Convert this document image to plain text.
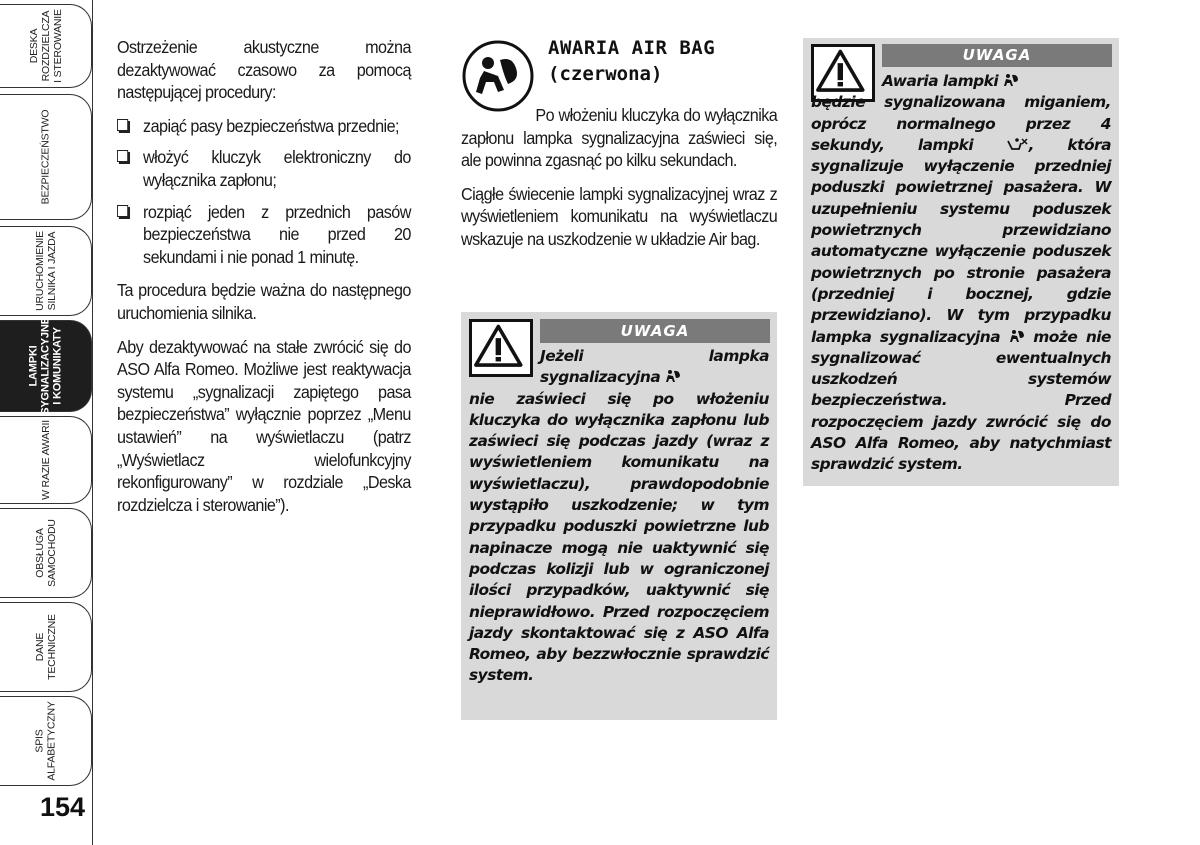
DESKA
ROZDZIELCZA
I STEROWANIE
BEZPIECZEŃSTWO
URUCHOMIENIE
SILNIKA I JAZDA
LAMPKI
SYGNALIZACYJNE
I KOMUNIKATY
W RAZIE AWARII
OBSŁUGA
SAMOCHODU
DANE
TECHNICZNE
SPIS
ALFABETYCZNY
154

Ostrzeżenie akustyczne można dezaktywować czasowo za pomocą następującej procedury:

zapiąć pasy bezpieczeństwa przednie;
włożyć kluczyk elektroniczny do wyłącznika zapłonu;
rozpiąć jeden z przednich pasów bezpieczeństwa nie przed 20 sekundami i nie ponad 1 minutę.

Ta procedura będzie ważna do następnego uruchomienia silnika.

Aby dezaktywować na stałe zwrócić się do ASO Alfa Romeo. Możliwe jest reaktywacja systemu „sygnalizacji zapiętego pasa bezpieczeństwa” wyłącznie poprzez „Menu ustawień” na wyświetlaczu (patrz „Wyświetlacz wielofunkcyjny rekonfigurowany” w rozdziale „Deska rozdzielcza i sterowanie”).

AWARIA AIR BAG
(czerwona)

Po włożeniu kluczyka do wyłącznika zapłonu lampka sygnalizacyjna zaświeci się, ale powinna zgasnąć po kilku sekundach.

Ciągłe świecenie lampki sygnalizacyjnej wraz z wyświetleniem komunikatu na wyświetlaczu wskazuje na uszkodzenie w układzie Air bag.

UWAGA
Jeżeli lampka sygnalizacyjna
nie zaświeci się po włożeniu kluczyka do wyłącznika zapłonu lub zaświeci się podczas jazdy (wraz z wyświetleniem komunikatu na wyświetlaczu), prawdopodobnie wystąpiło uszkodzenie; w tym przypadku poduszki powietrzne lub napinacze mogą nie uaktywnić się podczas kolizji lub w ograniczonej ilości przypadków, uaktywnić się nieprawidłowo. Przed rozpoczęciem jazdy skontaktować się z ASO Alfa Romeo, aby bezzwłocznie sprawdzić system.
UWAGA
Awaria lampki
będzie sygnalizowana miganiem, oprócz normalnego przez 4 sekundy, lampki	, która sygnalizuje wyłączenie przedniej poduszki powietrznej pasażera. W uzupełnieniu systemu poduszek powietrznych przewidziano automatyczne wyłączenie poduszek powietrznych po stronie pasażera (przedniej i bocznej, gdzie przewidziano). W tym przypadku lampka sygnalizacyjna może nie sygnalizować ewentualnych uszkodzeń systemów bezpieczeństwa. Przed rozpoczęciem jazdy zwrócić się do ASO Alfa Romeo, aby natychmiast sprawdzić system.
